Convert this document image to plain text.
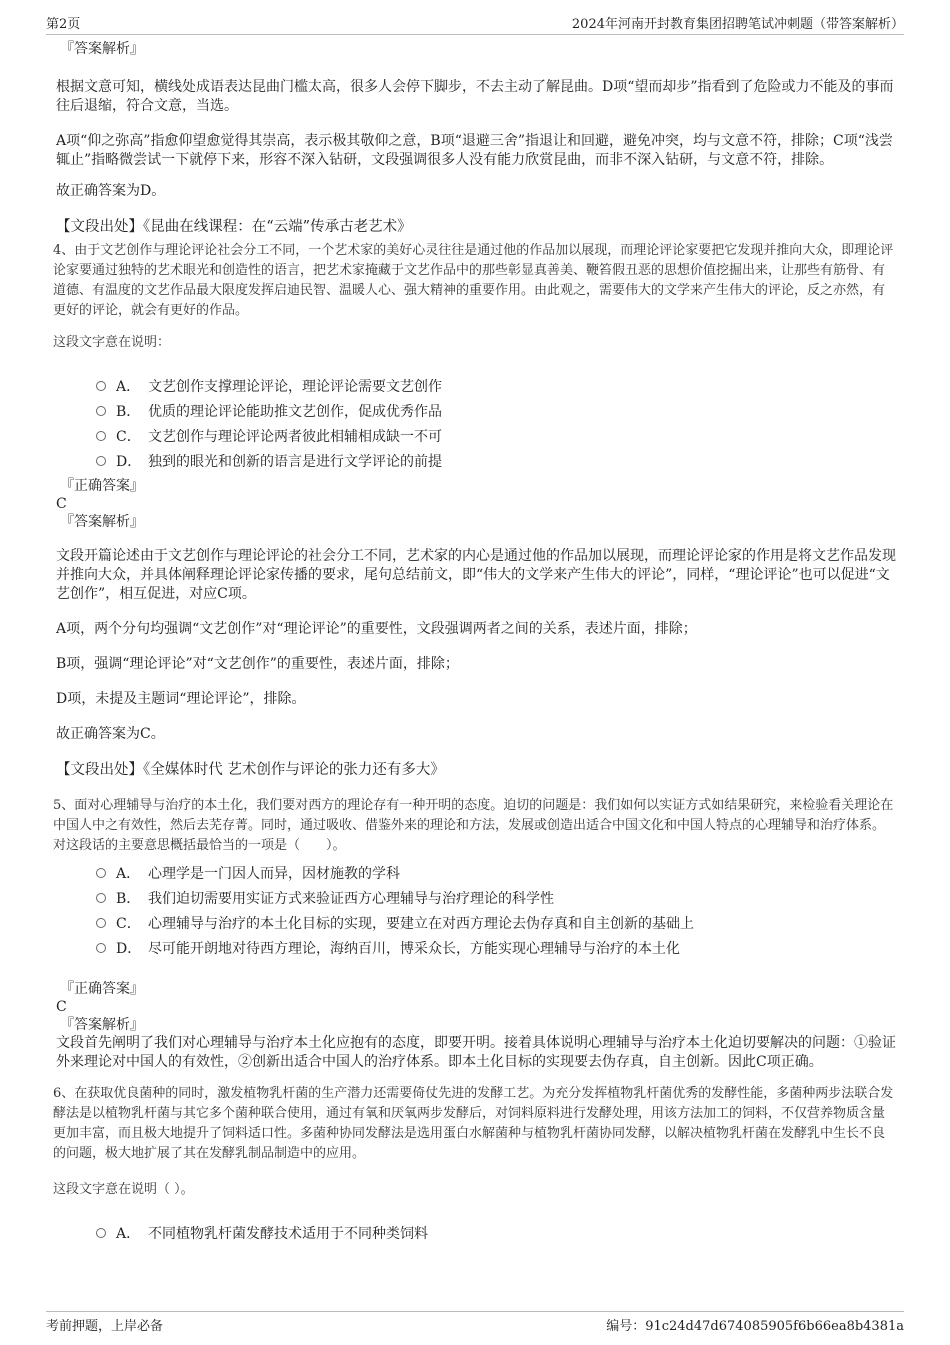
第2页	2024年河南开封教育集团招聘笔试冲刺题（带答案解析）

『答案解析』

根据文意可知，横线处成语表达昆曲门槛太高，很多人会停下脚步，不去主动了解昆曲。D项“望而却步”指看到了危险或力不能及的事而往后退缩，符合文意，当选。

A项“仰之弥高”指愈仰望愈觉得其崇高，表示极其敬仰之意，B项“退避三舍”指退让和回避，避免冲突，均与文意不符，排除；C项“浅尝辄止”指略微尝试一下就停下来，形容不深入钻研，文段强调很多人没有能力欣赏昆曲，而非不深入钻研，与文意不符，排除。

故正确答案为D。

【文段出处】《昆曲在线课程：在“云端”传承古老艺术》

4、由于文艺创作与理论评论社会分工不同，一个艺术家的美好心灵往往是通过他的作品加以展现，而理论评论家要把它发现并推向大众，即理论评论家要通过独特的艺术眼光和创造性的语言，把艺术家掩藏于文艺作品中的那些彰显真善美、鞭笞假丑恶的思想价值挖掘出来，让那些有筋骨、有道德、有温度的文艺作品最大限度发挥启迪民智、温暖人心、强大精神的重要作用。由此观之，需要伟大的文学来产生伟大的评论，反之亦然，有更好的评论，就会有更好的作品。

这段文字意在说明：

A． 文艺创作支撑理论评论，理论评论需要文艺创作
B． 优质的理论评论能助推文艺创作，促成优秀作品
C． 文艺创作与理论评论两者彼此相辅相成缺一不可
D． 独到的眼光和创新的语言是进行文学评论的前提

『正确答案』

C

『答案解析』

文段开篇论述由于文艺创作与理论评论的社会分工不同，艺术家的内心是通过他的作品加以展现，而理论评论家的作用是将文艺作品发现并推向大众，并具体阐释理论评论家传播的要求，尾句总结前文，即“伟大的文学来产生伟大的评论”，同样，“理论评论”也可以促进“文艺创作”，相互促进，对应C项。

A项，两个分句均强调“文艺创作”对“理论评论”的重要性，文段强调两者之间的关系，表述片面，排除；

B项，强调“理论评论”对“文艺创作”的重要性，表述片面，排除；

D项，未提及主题词“理论评论”，排除。

故正确答案为C。

【文段出处】《全媒体时代 艺术创作与评论的张力还有多大》

5、面对心理辅导与治疗的本土化，我们要对西方的理论存有一种开明的态度。迫切的问题是：我们如何以实证方式如结果研究，来检验看关理论在中国人中之有效性，然后去芜存菁。同时，通过吸收、借鉴外来的理论和方法，发展或创造出适合中国文化和中国人特点的心理辅导和治疗体系。

对这段话的主要意思概括最恰当的一项是（　　）。

A． 心理学是一门因人而异，因材施教的学科
B． 我们迫切需要用实证方式来验证西方心理辅导与治疗理论的科学性
C． 心理辅导与治疗的本土化目标的实现，要建立在对西方理论去伪存真和自主创新的基础上
D． 尽可能开朗地对待西方理论，海纳百川，博采众长，方能实现心理辅导与治疗的本土化

『正确答案』

C

『答案解析』

文段首先阐明了我们对心理辅导与治疗本土化应抱有的态度，即要开明。接着具体说明心理辅导与治疗本土化迫切要解决的问题：①验证外来理论对中国人的有效性，②创新出适合中国人的治疗体系。即本土化目标的实现要去伪存真，自主创新。因此C项正确。

6、在获取优良菌种的同时，激发植物乳杆菌的生产潜力还需要倚仗先进的发酵工艺。为充分发挥植物乳杆菌优秀的发酵性能，多菌种两步法联合发酵法是以植物乳杆菌与其它多个菌种联合使用，通过有氧和厌氧两步发酵后，对饲料原料进行发酵处理，用该方法加工的饲料，不仅营养物质含量更加丰富，而且极大地提升了饲料适口性。多菌种协同发酵法是选用蛋白水解菌种与植物乳杆菌协同发酵，以解决植物乳杆菌在发酵乳中生长不良的问题，极大地扩展了其在发酵乳制品制造中的应用。

这段文字意在说明（ ）。

A． 不同植物乳杆菌发酵技术适用于不同种类饲料
考前押题，上岸必备	编号：91c24d47d674085905f6b66ea8b4381a
